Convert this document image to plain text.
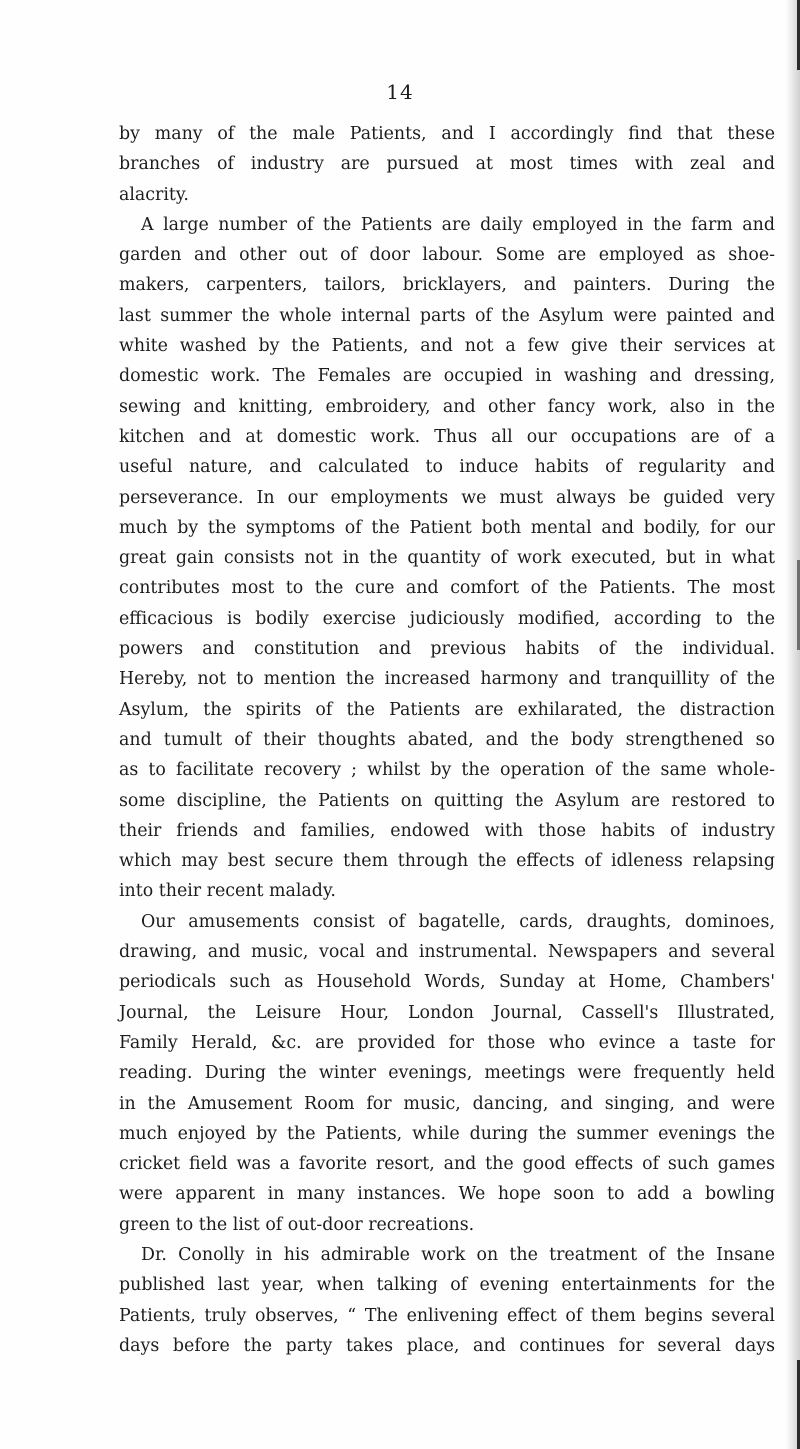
14
by many of the male Patients, and I accordingly find that these
branches of industry are pursued at most times with zeal and
alacrity.
A large number of the Patients are daily employed in the farm and
garden and other out of door labour. Some are employed as shoe-
makers, carpenters, tailors, bricklayers, and painters. During the
last summer the whole internal parts of the Asylum were painted and
white washed by the Patients, and not a few give their services at
domestic work. The Females are occupied in washing and dressing,
sewing and knitting, embroidery, and other fancy work, also in the
kitchen and at domestic work. Thus all our occupations are of a
useful nature, and calculated to induce habits of regularity and
perseverance. In our employments we must always be guided very
much by the symptoms of the Patient both mental and bodily, for our
great gain consists not in the quantity of work executed, but in what
contributes most to the cure and comfort of the Patients. The most
efficacious is bodily exercise judiciously modified, according to the
powers and constitution and previous habits of the individual.
Hereby, not to mention the increased harmony and tranquillity of the
Asylum, the spirits of the Patients are exhilarated, the distraction
and tumult of their thoughts abated, and the body strengthened so
as to facilitate recovery ; whilst by the operation of the same whole-
some discipline, the Patients on quitting the Asylum are restored to
their friends and families, endowed with those habits of industry
which may best secure them through the effects of idleness relapsing
into their recent malady.
Our amusements consist of bagatelle, cards, draughts, dominoes,
drawing, and music, vocal and instrumental. Newspapers and several
periodicals such as Household Words, Sunday at Home, Chambers'
Journal, the Leisure Hour, London Journal, Cassell's Illustrated,
Family Herald, &c. are provided for those who evince a taste for
reading. During the winter evenings, meetings were frequently held
in the Amusement Room for music, dancing, and singing, and were
much enjoyed by the Patients, while during the summer evenings the
cricket field was a favorite resort, and the good effects of such games
were apparent in many instances. We hope soon to add a bowling
green to the list of out-door recreations.
Dr. Conolly in his admirable work on the treatment of the Insane
published last year, when talking of evening entertainments for the
Patients, truly observes, “ The enlivening effect of them begins several
days before the party takes place, and continues for several days
